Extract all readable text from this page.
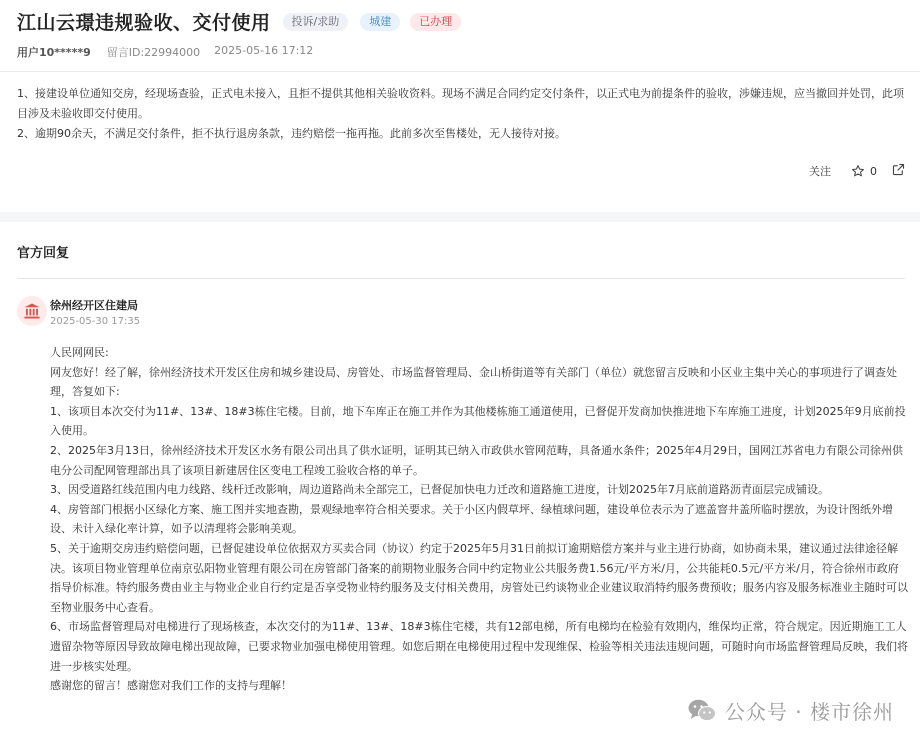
江山云璟违规验收、交付使用	投诉/求助	城建	已办理
用户10*****9 留言ID:22994000 2025-05-16 17:12

1、接建设单位通知交房，经现场查验，正式电未接入，且拒不提供其他相关验收资料。现场不满足合同约定交付条件，以正式电为前提条件的验收，涉嫌违规，应当撤回并处罚，此项目涉及未验收即交付使用。

2、逾期90余天，不满足交付条件，拒不执行退房条款，违约赔偿一拖再拖。此前多次至售楼处，无人接待对接。

关注	0
官方回复
徐州经开区住建局
2025-05-30 17:35

人民网网民:

网友您好！经了解，徐州经济技术开发区住房和城乡建设局、房管处、市场监督管理局、金山桥街道等有关部门（单位）就您留言反映和小区业主集中关心的事项进行了调查处理，答复如下:

1、该项目本次交付为11#、13#、18#3栋住宅楼。目前，地下车库正在施工并作为其他楼栋施工通道使用，已督促开发商加快推进地下车库施工进度，计划2025年9月底前投入使用。

2、2025年3月13日，徐州经济技术开发区水务有限公司出具了供水证明，证明其已纳入市政供水管网范畴，具备通水条件；2025年4月29日，国网江苏省电力有限公司徐州供电分公司配网管理部出具了该项目新建居住区变电工程竣工验收合格的单子。

3、因受道路红线范围内电力线路、线杆迁改影响，周边道路尚未全部完工，已督促加快电力迁改和道路施工进度，计划2025年7月底前道路沥青面层完成铺设。

4、房管部门根据小区绿化方案、施工图并实地查勘，景观绿地率符合相关要求。关于小区内假草坪、绿植球问题，建设单位表示为了遮盖窨井盖所临时摆放，为设计图纸外增设、未计入绿化率计算，如予以清理将会影响美观。

5、关于逾期交房违约赔偿问题，已督促建设单位依据双方买卖合同（协议）约定于2025年5月31日前拟订逾期赔偿方案并与业主进行协商，如协商未果，建议通过法律途径解决。该项目物业管理单位南京弘阳物业管理有限公司在房管部门备案的前期物业服务合同中约定物业公共服务费1.56元/平方米/月，公共能耗0.5元/平方米/月，符合徐州市政府指导价标准。特约服务费由业主与物业企业自行约定是否享受物业特约服务及支付相关费用，房管处已约谈物业企业建议取消特约服务费预收；服务内容及服务标准业主随时可以至物业服务中心查看。

6、市场监督管理局对电梯进行了现场核查，本次交付的为11#、13#、18#3栋住宅楼，共有12部电梯，所有电梯均在检验有效期内，维保均正常，符合规定。因近期施工工人遗留杂物等原因导致故障电梯出现故障，已要求物业加强电梯使用管理。如您后期在电梯使用过程中发现维保、检验等相关违法违规问题，可随时向市场监督管理局反映，我们将进一步核实处理。

感谢您的留言！感谢您对我们工作的支持与理解！

公众号 · 楼市徐州
